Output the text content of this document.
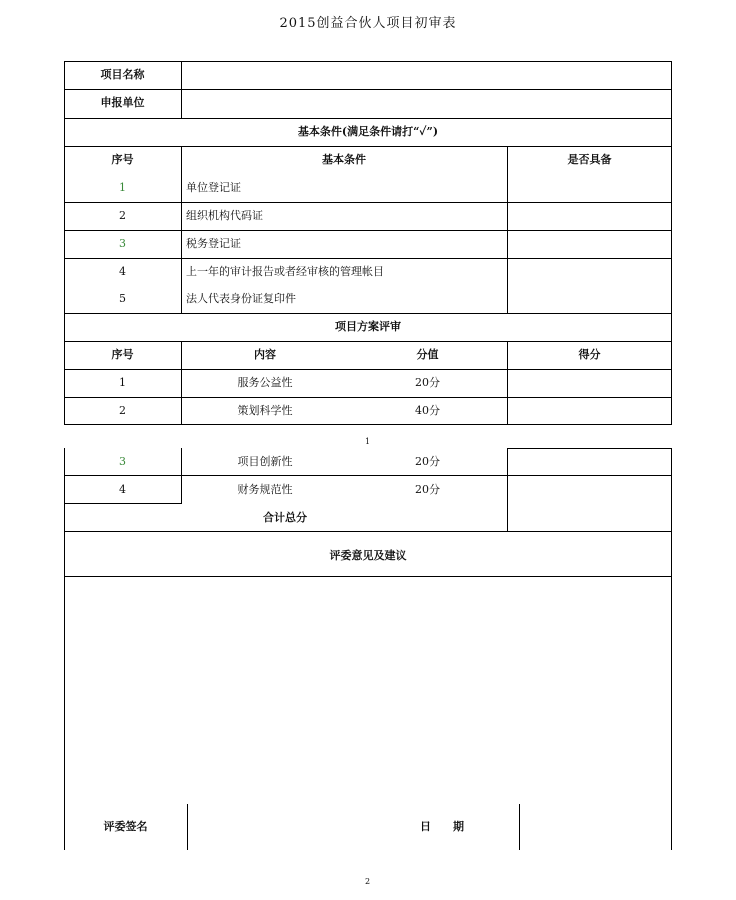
2015创益合伙人项目初审表
项目名称
申报单位
基本条件(满足条件请打“✓”)
序号	基本条件	是否具备
1	单位登记证
2	组织机构代码证
3	税务登记证
4	上一年的审计报告或者经审核的管理帐目
5	法人代表身份证复印件
项目方案评审
序号	内容	分值	得分
1	服务公益性	20分
2	策划科学性	40分
1
3	项目创新性	20分
4	财务规范性	20分
合计总分
评委意见及建议
评委签名	日　　期
2
